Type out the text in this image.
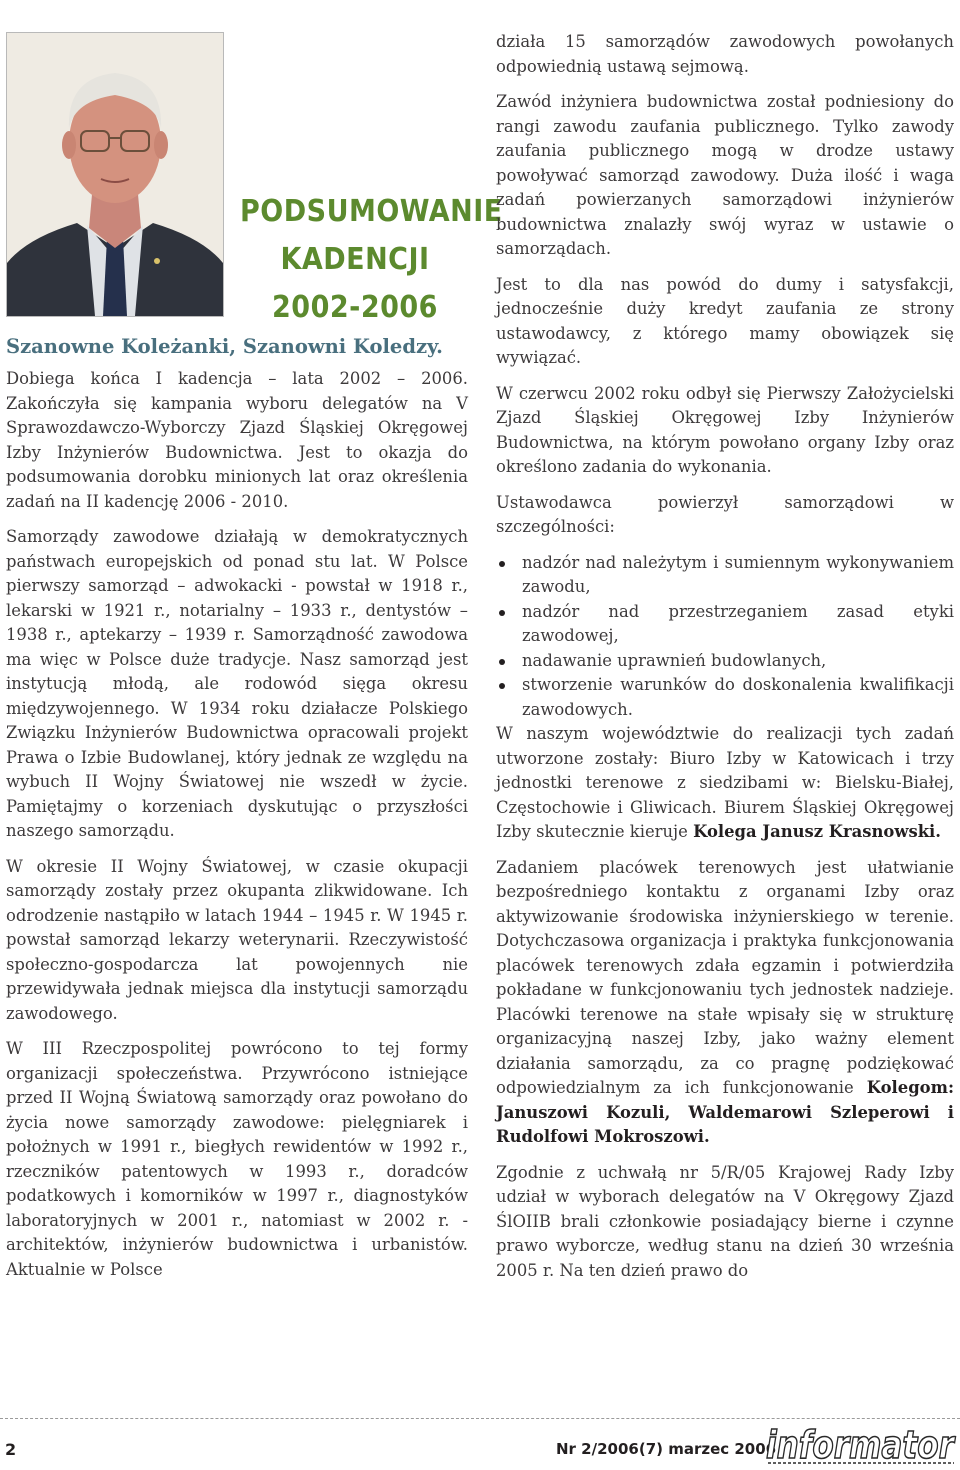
PODSUMOWANIE
KADENCJI
2002-2006
Szanowne Koleżanki, Szanowni Koledzy.

Dobiega końca I kadencja – lata 2002 – 2006. Zakończyła się kampania wyboru delegatów na V Sprawozdawczo-Wyborczy Zjazd Śląskiej Okręgowej Izby Inżynierów Budownictwa. Jest to okazja do podsumowania dorobku minionych lat oraz określenia zadań na II kadencję 2006 - 2010.

Samorządy zawodowe działają w demokratycznych państwach europejskich od ponad stu lat. W Polsce pierwszy samorząd – adwokacki - powstał w 1918 r., lekarski w 1921 r., notarialny – 1933 r., dentystów – 1938 r., aptekarzy – 1939 r. Samorządność zawodowa ma więc w Polsce duże tradycje. Nasz samorząd jest instytucją młodą, ale rodowód sięga okresu międzywojennego. W 1934 roku działacze Polskiego Związku Inżynierów Budownictwa opracowali projekt Prawa o Izbie Budowlanej, który jednak ze względu na wybuch II Wojny Światowej nie wszedł w życie. Pamiętajmy o korzeniach dyskutując o przyszłości naszego samorządu.

W okresie II Wojny Światowej, w czasie okupacji samorządy zostały przez okupanta zlikwidowane. Ich odrodzenie nastąpiło w latach 1944 – 1945 r. W 1945 r. powstał samorząd lekarzy weterynarii. Rzeczywistość społeczno-gospodarcza lat powojennych nie przewidywała jednak miejsca dla instytucji samorządu zawodowego.

W III Rzeczpospolitej powrócono to tej formy organizacji społeczeństwa. Przywrócono istniejące przed II Wojną Światową samorządy oraz powołano do życia nowe samorządy zawodowe: pielęgniarek i położnych w 1991 r., biegłych rewidentów w 1992 r., rzeczników patentowych w 1993 r., doradców podatkowych i komorników w 1997 r., diagnostyków laboratoryjnych w 2001 r., natomiast w 2002 r. - architektów, inżynierów budownictwa i urbanistów. Aktualnie w Polsce

działa 15 samorządów zawodowych powołanych odpowiednią ustawą sejmową.

Zawód inżyniera budownictwa został podniesiony do rangi zawodu zaufania publicznego. Tylko zawody zaufania publicznego mogą w drodze ustawy powoływać samorząd zawodowy. Duża ilość i waga zadań powierzanych samorządowi inżynierów budownictwa znalazły swój wyraz w ustawie o samorządach.

Jest to dla nas powód do dumy i satysfakcji, jednocześnie duży kredyt zaufania ze strony ustawodawcy, z którego mamy obowiązek się wywiązać.

W czerwcu 2002 roku odbył się Pierwszy Założycielski Zjazd Śląskiej Okręgowej Izby Inżynierów Budownictwa, na którym powołano organy Izby oraz określono zadania do wykonania.

Ustawodawca powierzył samorządowi w szczególności:

nadzór nad należytym i sumiennym wykonywaniem zawodu,
nadzór nad przestrzeganiem zasad etyki zawodowej,
nadawanie uprawnień budowlanych,
stworzenie warunków do doskonalenia kwalifikacji zawodowych.

W naszym województwie do realizacji tych zadań utworzone zostały: Biuro Izby w Katowicach i trzy jednostki terenowe z siedzibami w: Bielsku-Białej, Częstochowie i Gliwicach. Biurem Śląskiej Okręgowej Izby skutecznie kieruje Kolega Janusz Krasnowski.

Zadaniem placówek terenowych jest ułatwianie bezpośredniego kontaktu z organami Izby oraz aktywizowanie środowiska inżynierskiego w terenie. Dotychczasowa organizacja i praktyka funkcjonowania placówek terenowych zdała egzamin i potwierdziła pokładane w funkcjonowaniu tych jednostek nadzieje. Placówki terenowe na stałe wpisały się w strukturę organizacyjną naszej Izby, jako ważny element działania samorządu, za co pragnę podziękować odpowiedzialnym za ich funkcjonowanie Kolegom: Januszowi Kozuli, Waldemarowi Szleperowi i Rudolfowi Mokroszowi.

Zgodnie z uchwałą nr 5/R/05 Krajowej Rady Izby udział w wyborach delegatów na V Okręgowy Zjazd ŚlOIIB brali członkowie posiadający bierne i czynne prawo wyborcze, według stanu na dzień 30 września 2005 r. Na ten dzień prawo do

2	Nr 2/2006(7) marzec 2006
informator
